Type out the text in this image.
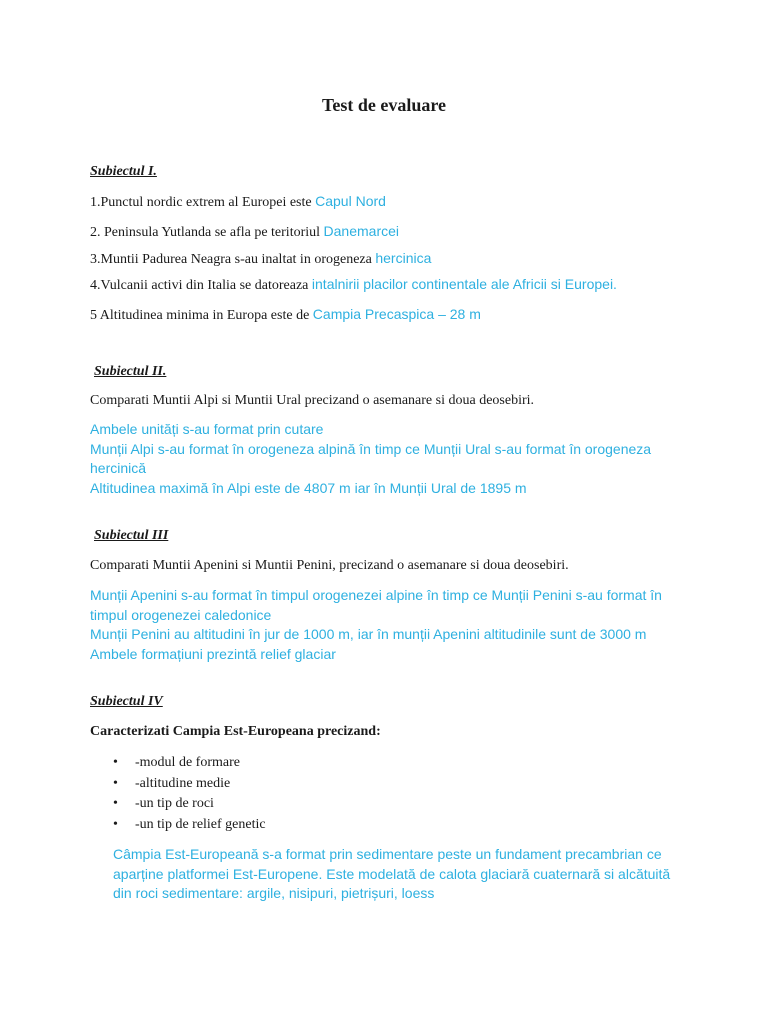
Test de evaluare
Subiectul I.
1.Punctul nordic extrem al Europei este Capul Nord
2. Peninsula Yutlanda se afla pe teritoriul Danemarcei
3.Muntii Padurea Neagra s-au inaltat in orogeneza hercinica
4.Vulcanii activi din Italia se datoreaza intalnirii placilor continentale ale Africii si Europei.
5 Altitudinea minima in Europa este de Campia Precaspica – 28 m
Subiectul II.
Comparati Muntii Alpi si Muntii Ural precizand o asemanare si doua deosebiri.
Ambele unități s-au format prin cutare
Munții Alpi s-au format în orogeneza alpină în timp ce Munții Ural s-au format în orogeneza hercinică
Altitudinea maximă în Alpi este de 4807 m iar în Munții Ural de 1895 m
Subiectul III
Comparati Muntii Apenini si Muntii Penini, precizand o asemanare si doua deosebiri.
Munții Apenini s-au format în timpul orogenezei alpine în timp ce Munții Penini s-au format în timpul orogenezei caledonice
Munții Penini au altitudini în jur de 1000 m, iar în munții Apenini altitudinile sunt de 3000 m
Ambele formațiuni prezintă relief glaciar
Subiectul IV
Caracterizati Campia Est-Europeana precizand:
• -modul de formare
• -altitudine medie
• -un tip de roci
• -un tip de relief genetic
Câmpia Est-Europeană s-a format prin sedimentare peste un fundament precambrian ce aparține platformei Est-Europene. Este modelată de calota glaciară cuaternară si alcătuită din roci sedimentare: argile, nisipuri, pietrișuri, loess
